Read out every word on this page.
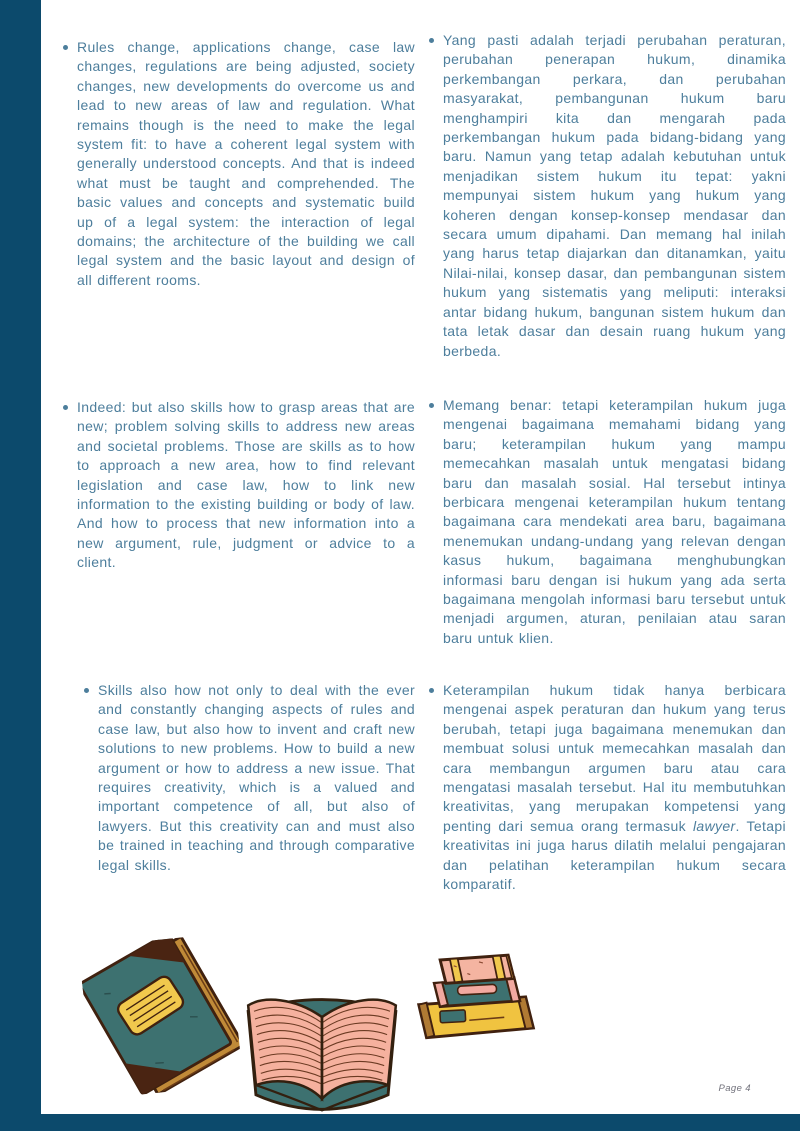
Rules change, applications change, case law changes, regulations are being adjusted, society changes, new developments do overcome us and lead to new areas of law and regulation. What remains though is the need to make the legal system fit: to have a coherent legal system with generally understood concepts. And that is indeed what must be taught and comprehended. The basic values and concepts and systematic build up of a legal system: the interaction of legal domains; the architecture of the building we call legal system and the basic layout and design of all different rooms.

Indeed: but also skills how to grasp areas that are new; problem solving skills to address new areas and societal problems. Those are skills as to how to approach a new area, how to find relevant legislation and case law, how to link new information to the existing building or body of law. And how to process that new information into a new argument, rule, judgment or advice to a client.

Skills also how not only to deal with the ever and constantly changing aspects of rules and case law, but also how to invent and craft new solutions to new problems. How to build a new argument or how to address a new issue. That requires creativity, which is a valued and important competence of all, but also of lawyers. But this creativity can and must also be trained in teaching and through comparative legal skills.

Yang pasti adalah terjadi perubahan peraturan, perubahan penerapan hukum, dinamika perkembangan perkara, dan perubahan masyarakat, pembangunan hukum baru menghampiri kita dan mengarah pada perkembangan hukum pada bidang-bidang yang baru. Namun yang tetap adalah kebutuhan untuk menjadikan sistem hukum itu tepat: yakni mempunyai sistem hukum yang hukum yang koheren dengan konsep-konsep mendasar dan secara umum dipahami. Dan memang hal inilah yang harus tetap diajarkan dan ditanamkan, yaitu Nilai-nilai, konsep dasar, dan pembangunan sistem hukum yang sistematis yang meliputi: interaksi antar bidang hukum, bangunan sistem hukum dan tata letak dasar dan desain ruang hukum yang berbeda.

Memang benar: tetapi keterampilan hukum juga mengenai bagaimana memahami bidang yang baru; keterampilan hukum yang mampu memecahkan masalah untuk mengatasi bidang baru dan masalah sosial. Hal tersebut intinya berbicara mengenai keterampilan hukum tentang bagaimana cara mendekati area baru, bagaimana menemukan undang-undang yang relevan dengan kasus hukum, bagaimana menghubungkan informasi baru dengan isi hukum yang ada serta bagaimana mengolah informasi baru tersebut untuk menjadi argumen, aturan, penilaian atau saran baru untuk klien.

Keterampilan hukum tidak hanya berbicara mengenai aspek peraturan dan hukum yang terus berubah, tetapi juga bagaimana menemukan dan membuat solusi untuk memecahkan masalah dan cara membangun argumen baru atau cara mengatasi masalah tersebut. Hal itu membutuhkan kreativitas, yang merupakan kompetensi yang penting dari semua orang termasuk lawyer. Tetapi kreativitas ini juga harus dilatih melalui pengajaran dan pelatihan keterampilan hukum secara komparatif.

Page 4
